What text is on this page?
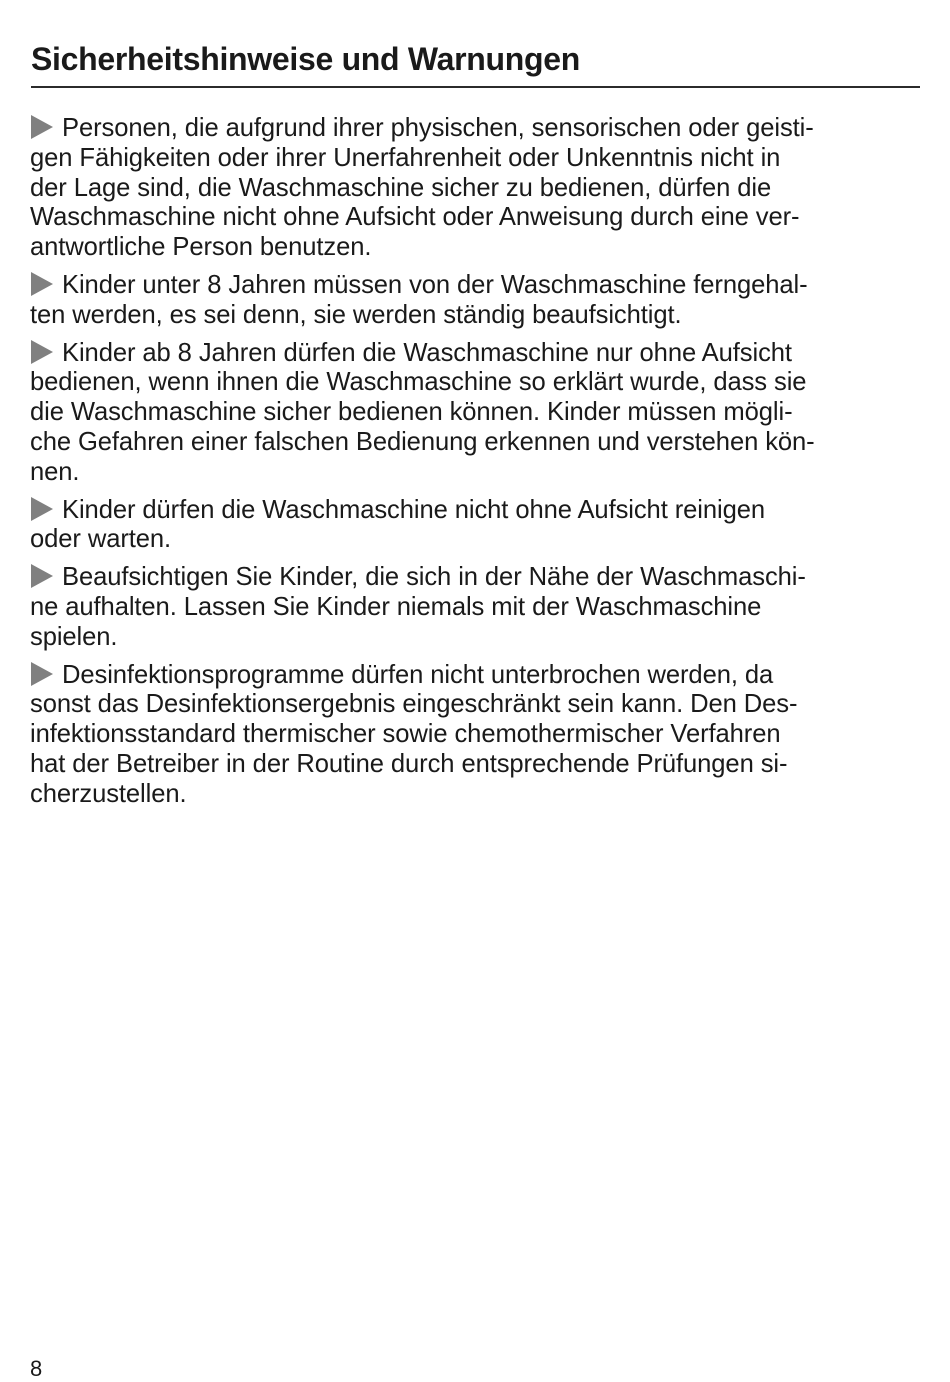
Sicherheitshinweise und Warnungen

Personen, die aufgrund ihrer physischen, sensorischen oder geisti-
gen Fähigkeiten oder ihrer Unerfahrenheit oder Unkenntnis nicht in
der Lage sind, die Waschmaschine sicher zu bedienen, dürfen die
Waschmaschine nicht ohne Aufsicht oder Anweisung durch eine ver-
antwortliche Person benutzen.

Kinder unter 8 Jahren müssen von der Waschmaschine ferngehal-
ten werden, es sei denn, sie werden ständig beaufsichtigt.

Kinder ab 8 Jahren dürfen die Waschmaschine nur ohne Aufsicht
bedienen, wenn ihnen die Waschmaschine so erklärt wurde, dass sie
die Waschmaschine sicher bedienen können. Kinder müssen mögli-
che Gefahren einer falschen Bedienung erkennen und verstehen kön-
nen.

Kinder dürfen die Waschmaschine nicht ohne Aufsicht reinigen
oder warten.

Beaufsichtigen Sie Kinder, die sich in der Nähe der Waschmaschi-
ne aufhalten. Lassen Sie Kinder niemals mit der Waschmaschine
spielen.

Desinfektionsprogramme dürfen nicht unterbrochen werden, da
sonst das Desinfektionsergebnis eingeschränkt sein kann. Den Des-
infektionsstandard thermischer sowie chemothermischer Verfahren
hat der Betreiber in der Routine durch entsprechende Prüfungen si-
cherzustellen.

8
